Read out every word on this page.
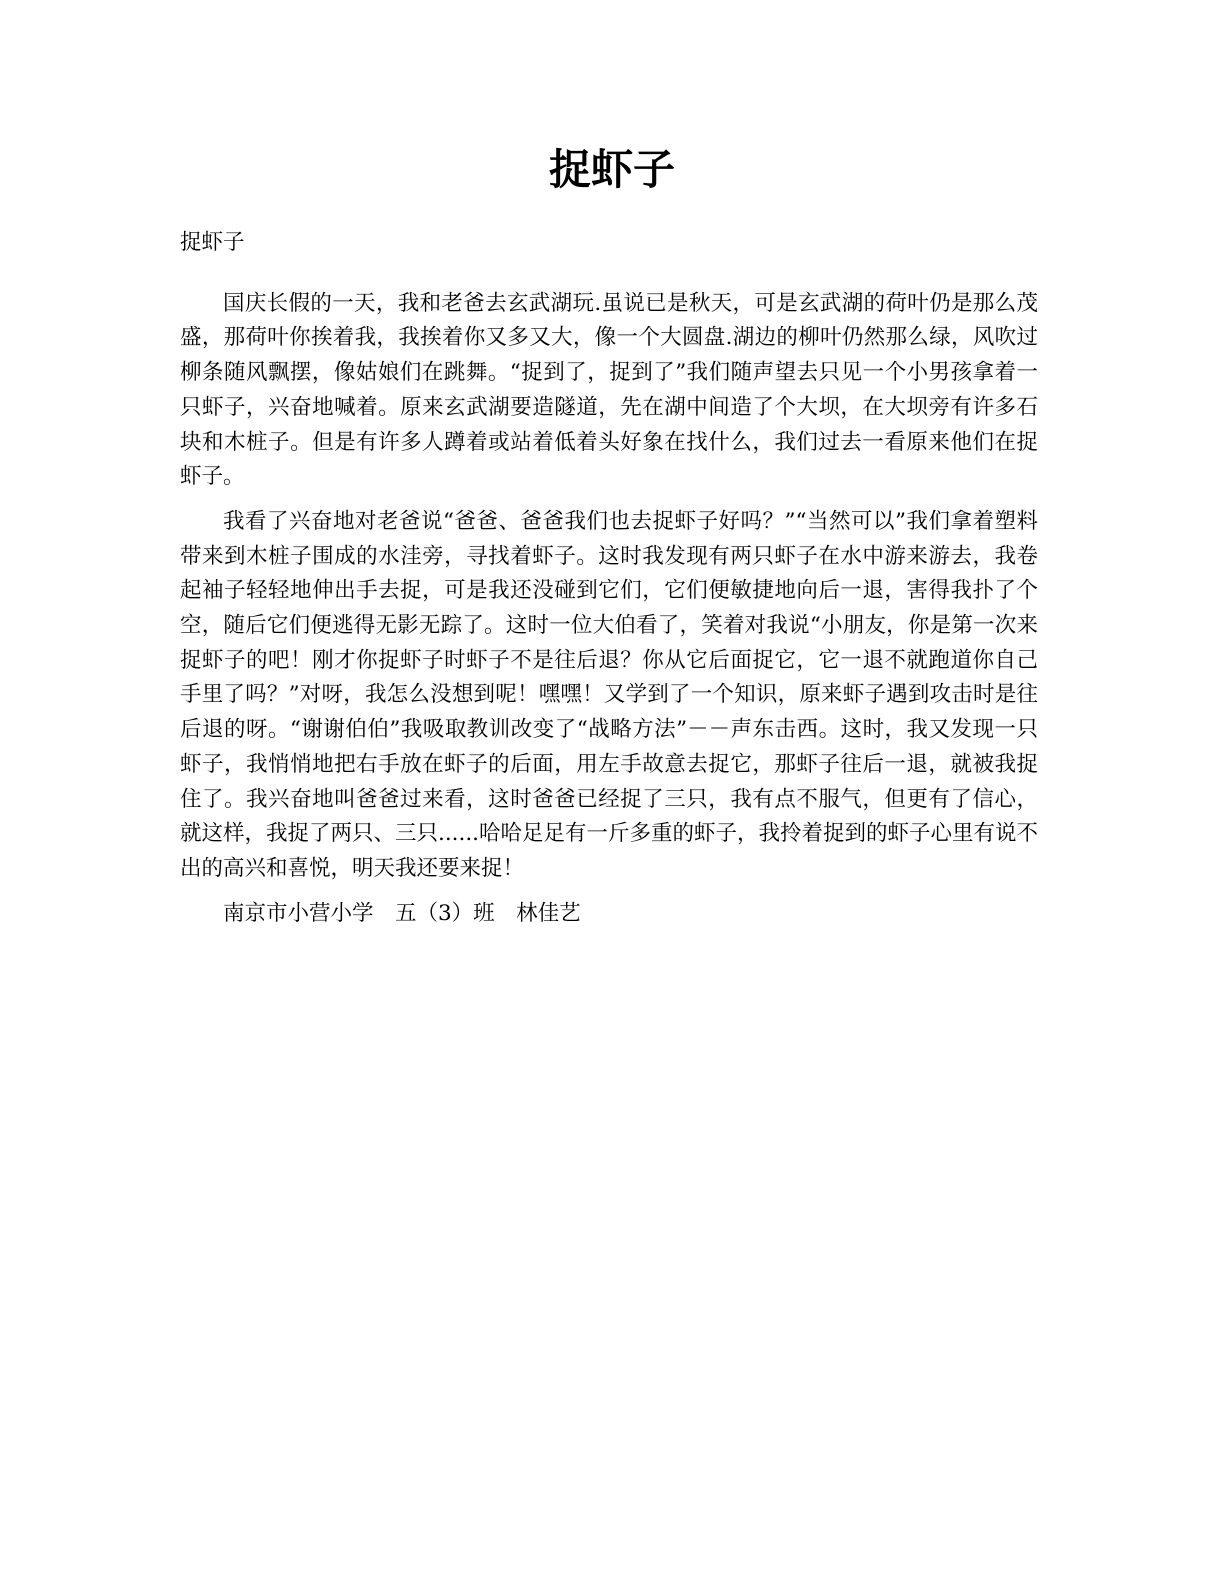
捉虾子

捉虾子

国庆长假的一天，我和老爸去玄武湖玩.虽说已是秋天，可是玄武湖的荷叶仍是那么茂盛，那荷叶你挨着我，我挨着你又多又大，像一个大圆盘.湖边的柳叶仍然那么绿，风吹过柳条随风飘摆，像姑娘们在跳舞。“捉到了，捉到了”我们随声望去只见一个小男孩拿着一只虾子，兴奋地喊着。原来玄武湖要造隧道，先在湖中间造了个大坝，在大坝旁有许多石块和木桩子。但是有许多人蹲着或站着低着头好象在找什么，我们过去一看原来他们在捉虾子。

我看了兴奋地对老爸说“爸爸、爸爸我们也去捉虾子好吗？”“当然可以”我们拿着塑料带来到木桩子围成的水洼旁，寻找着虾子。这时我发现有两只虾子在水中游来游去，我卷起袖子轻轻地伸出手去捉，可是我还没碰到它们，它们便敏捷地向后一退，害得我扑了个空，随后它们便逃得无影无踪了。这时一位大伯看了，笑着对我说“小朋友，你是第一次来捉虾子的吧！刚才你捉虾子时虾子不是往后退？你从它后面捉它，它一退不就跑道你自己手里了吗？”对呀，我怎么没想到呢！嘿嘿！又学到了一个知识，原来虾子遇到攻击时是往后退的呀。“谢谢伯伯”我吸取教训改变了“战略方法”－－声东击西。这时，我又发现一只虾子，我悄悄地把右手放在虾子的后面，用左手故意去捉它，那虾子往后一退，就被我捉住了。我兴奋地叫爸爸过来看，这时爸爸已经捉了三只，我有点不服气，但更有了信心，就这样，我捉了两只、三只......哈哈足足有一斤多重的虾子，我拎着捉到的虾子心里有说不出的高兴和喜悦，明天我还要来捉！

南京市小营小学　五（3）班　林佳艺
